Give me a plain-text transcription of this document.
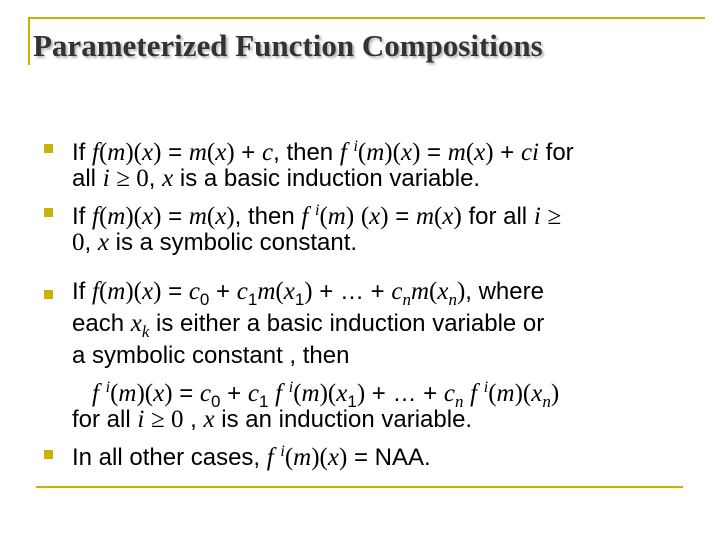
Parameterized Function Compositions
If f(m)(x) = m(x) + c, then f $^i$(m)(x) = m(x) + ci for
all i ≥ 0, x is a basic induction variable.
If f(m)(x) = m(x), then f $^i$(m) (x) = m(x) for all i ≥
0, x is a symbolic constant.
If $f(m)(x) = c_0 + c_1m(x_1)$ + … + $c_nm(x_n)$, where
each $x_k$ is either a basic induction variable or
a symbolic constant , then
f $^i(m)(x) = c_0 + c_1$ f $^i(m)(x_1)$ + … + $c_n$ f $^i(m)(x_n)$
for all i ≥ 0 , x is an induction variable.
In all other cases, f $^i$(m)(x) = NAA.
